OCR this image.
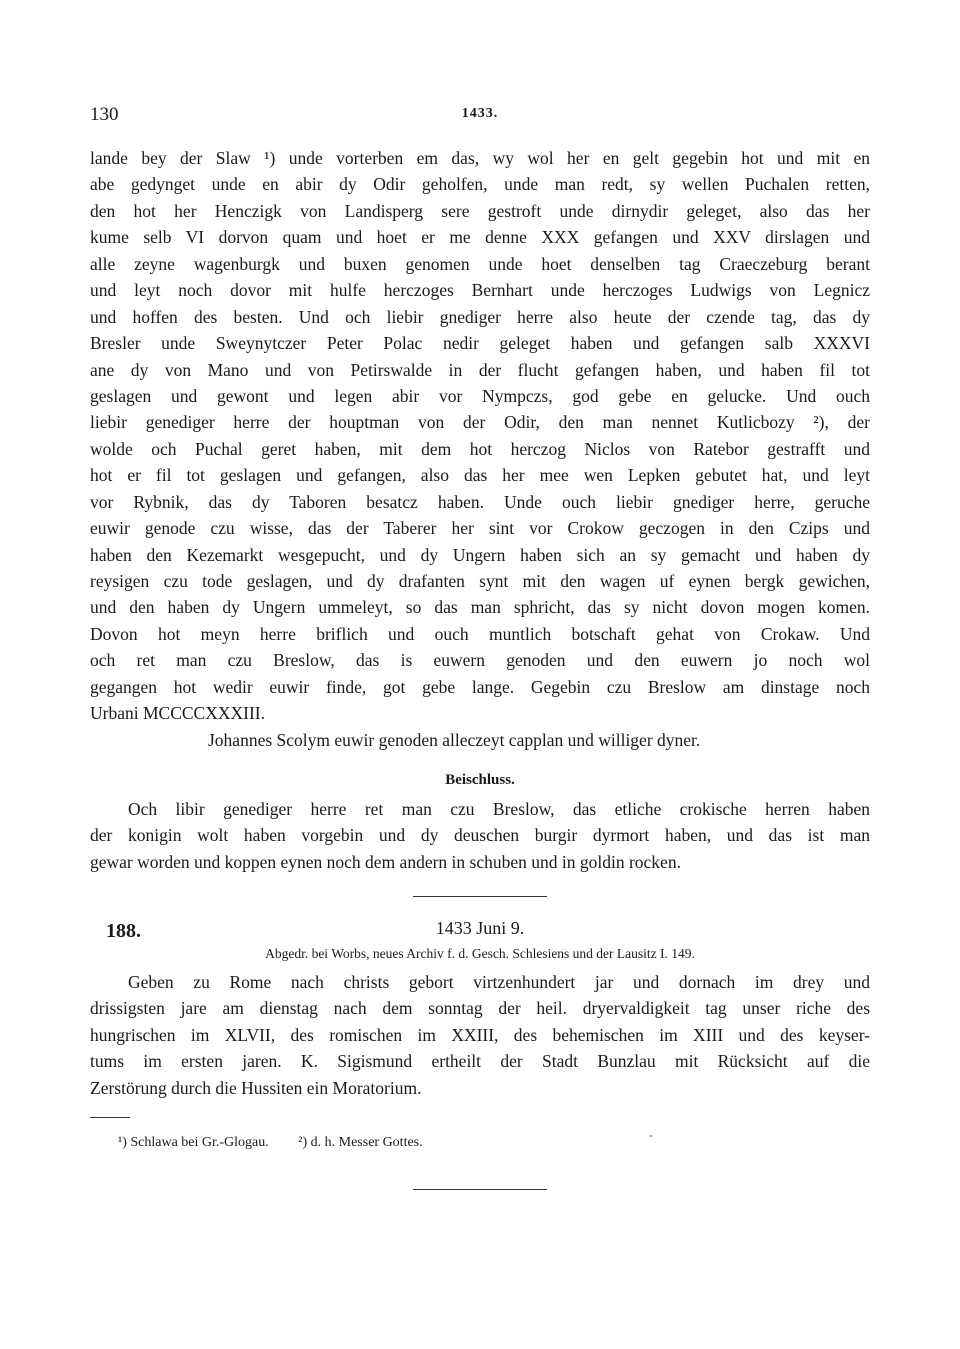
130	1433.
lande bey der Slaw ¹) unde vorterben em das, wy wol her en gelt gegebin hot und mit en
abe gedynget unde en abir dy Odir geholfen, unde man redt, sy wellen Puchalen retten,
den hot her Henczigk von Landisperg sere gestroft unde dirnydir geleget, also das her
kume selb VI dorvon quam und hoet er me denne XXX gefangen und XXV dirslagen und
alle zeyne wagenburgk und buxen genomen unde hoet denselben tag Craeczeburg berant
und leyt noch dovor mit hulfe herczoges Bernhart unde herczoges Ludwigs von Legnicz
und hoffen des besten. Und och liebir gnediger herre also heute der czende tag, das dy
Bresler unde Sweynytczer Peter Polac nedir geleget haben und gefangen salb XXXVI
ane dy von Mano und von Petirswalde in der flucht gefangen haben, und haben fil tot
geslagen und gewont und legen abir vor Nympczs, god gebe en gelucke. Und ouch
liebir genediger herre der houptman von der Odir, den man nennet Kutlicbozy ²), der
wolde och Puchal geret haben, mit dem hot herczog Niclos von Ratebor gestrafft und
hot er fil tot geslagen und gefangen, also das her mee wen Lepken gebutet hat, und leyt
vor Rybnik, das dy Taboren besatcz haben. Unde ouch liebir gnediger herre, geruche
euwir genode czu wisse, das der Taberer her sint vor Crokow geczogen in den Czips und
haben den Kezemarkt wesgepucht, und dy Ungern haben sich an sy gemacht und haben dy
reysigen czu tode geslagen, und dy drafanten synt mit den wagen uf eynen bergk gewichen,
und den haben dy Ungern ummeleyt, so das man sphricht, das sy nicht dovon mogen komen.
Dovon hot meyn herre briflich und ouch muntlich botschaft gehat von Crokaw. Und
och ret man czu Breslow, das is euwern genoden und den euwern jo noch wol
gegangen hot wedir euwir finde, got gebe lange. Gegebin czu Breslow am dinstage noch
Urbani MCCCCXXXIII.
Johannes Scolym euwir genoden alleczeyt capplan und williger dyner.
Beischluss.
Och libir genediger herre ret man czu Breslow, das etliche crokische herren haben
der konigin wolt haben vorgebin und dy deuschen burgir dyrmort haben, und das ist man
gewar worden und koppen eynen noch dem andern in schuben und in goldin rocken.
188.	1433 Juni 9.
Abgedr. bei Worbs, neues Archiv f. d. Gesch. Schlesiens und der Lausitz I. 149.
Geben zu Rome nach christs gebort virtzenhundert jar und dornach im drey und
drissigsten jare am dienstag nach dem sonntag der heil. dryervaldigkeit tag unser riche des
hungrischen im XLVII, des romischen im XXIII, des behemischen im XIII und des keyser-
tums im ersten jaren. K. Sigismund ertheilt der Stadt Bunzlau mit Rücksicht auf die
Zerstörung durch die Hussiten ein Moratorium.
¹) Schlawa bei Gr.-Glogau. ²) d. h. Messer Gottes.
